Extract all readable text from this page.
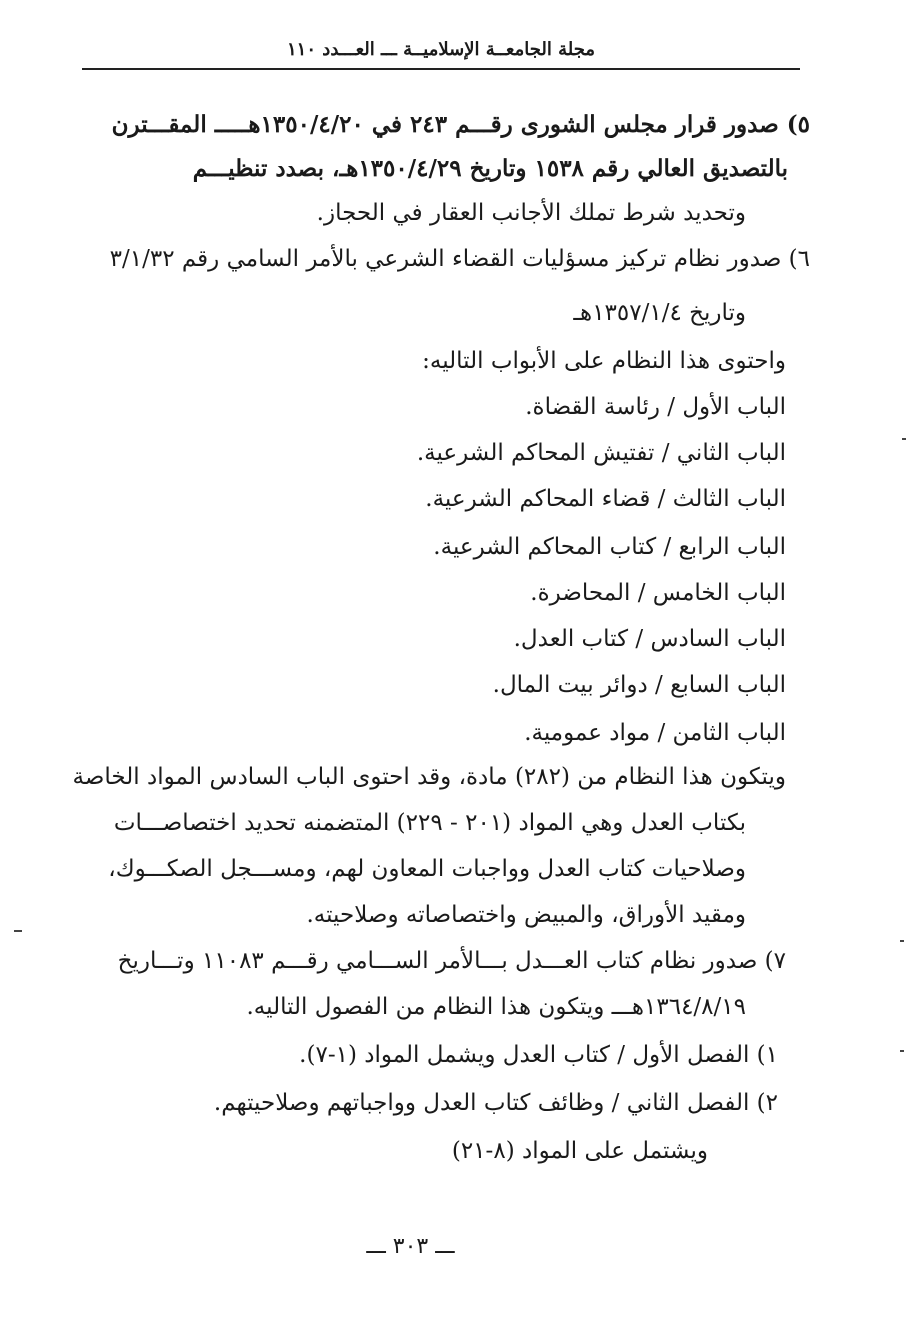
مجلة الجامعــة الإسلاميــة ـــ العـــدد ١١٠
٥) صدور قرار مجلس الشورى رقـــم ٢٤٣ في ١٣٥٠/٤/٢٠هـــــ المقـــترن
بالتصديق العالي رقم ١٥٣٨ وتاريخ ١٣٥٠/٤/٢٩هـ، بصدد تنظيـــم
وتحديد شرط تملك الأجانب العقار في الحجاز.
٦) صدور نظام تركيز مسؤليات القضاء الشرعي بالأمر السامي رقم ٣/١/٣٢
وتاريخ ١٣٥٧/١/٤هـ
واحتوى هذا النظام على الأبواب التاليه:
الباب الأول / رئاسة القضاة.
الباب الثاني / تفتيش المحاكم الشرعية.
الباب الثالث / قضاء المحاكم الشرعية.
الباب الرابع / كتاب المحاكم الشرعية.
الباب الخامس / المحاضرة.
الباب السادس / كتاب العدل.
الباب السابع / دوائر بيت المال.
الباب الثامن / مواد عمومية.
ويتكون هذا النظام من (٢٨٢) مادة، وقد احتوى الباب السادس المواد الخاصة
بكتاب العدل وهي المواد (٢٠١ - ٢٢٩) المتضمنه تحديد اختصاصـــات
وصلاحيات كتاب العدل وواجبات المعاون لهم، ومســـجل الصكـــوك،
ومقيد الأوراق، والمبيض واختصاصاته وصلاحيته.
٧) صدور نظام كتاب العـــدل بـــالأمر الســـامي رقـــم ١١٠٨٣ وتـــاريخ
١٣٦٤/٨/١٩هـــ ويتكون هذا النظام من الفصول التاليه.
١) الفصل الأول / كتاب العدل ويشمل المواد (١-٧).
٢) الفصل الثاني / وظائف كتاب العدل وواجباتهم وصلاحيتهم.
ويشتمل على المواد (٨-٢١)
ـــ ٣٠٣ ـــ
